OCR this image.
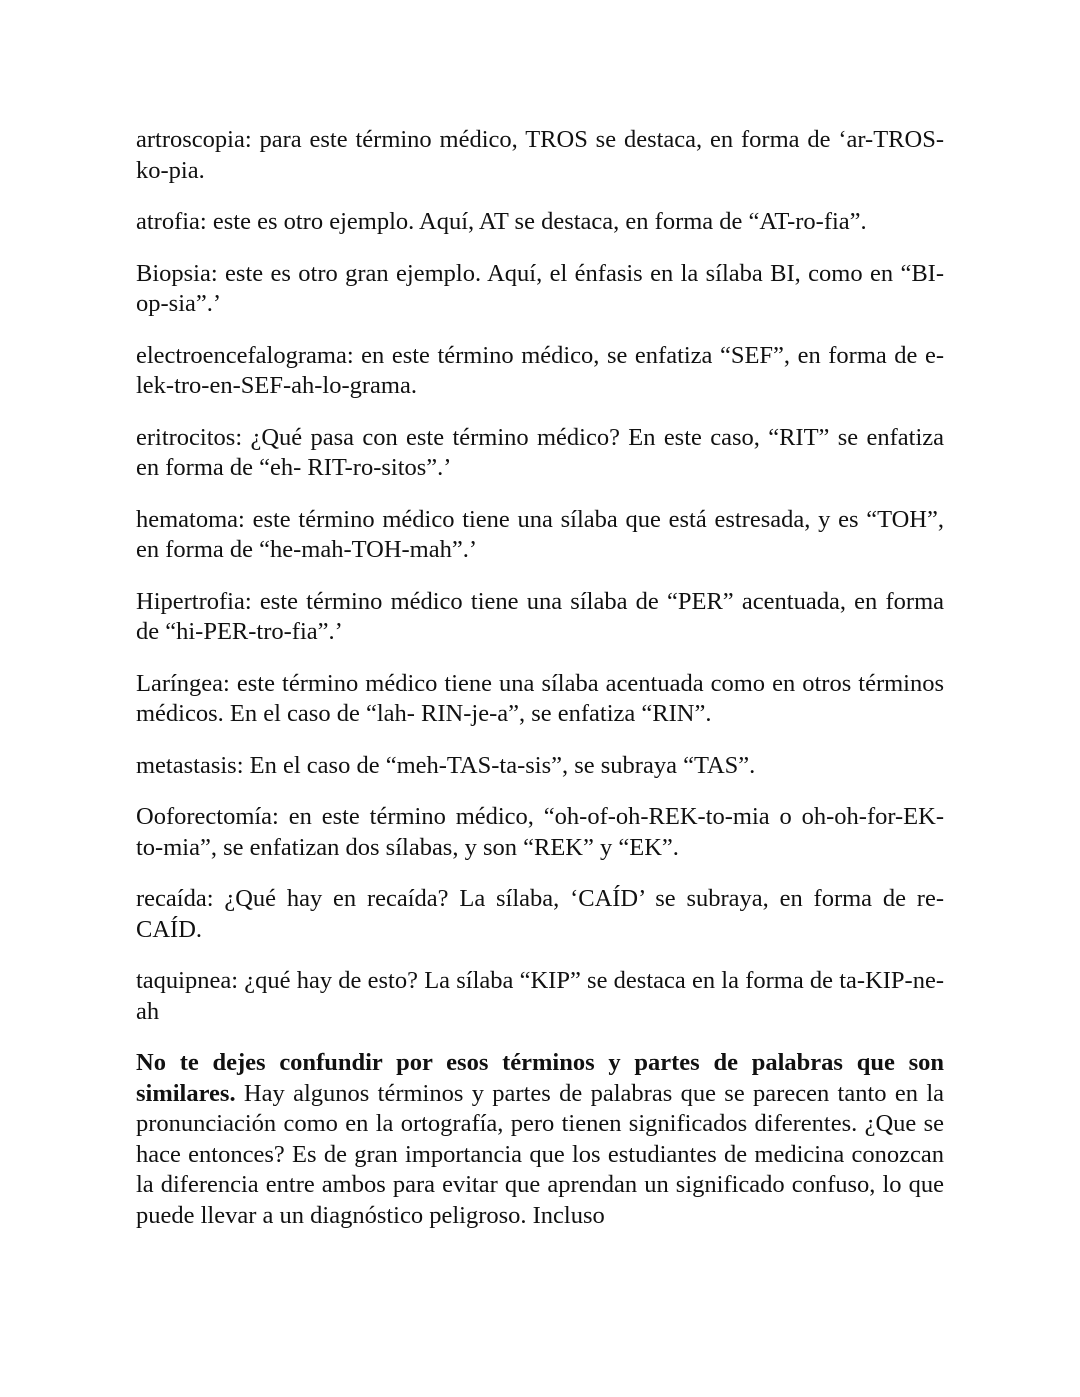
artroscopia: para este término médico, TROS se destaca, en forma de ‘ar-TROS-ko-pia.

atrofia: este es otro ejemplo. Aquí, AT se destaca, en forma de “AT-ro-fia”.

Biopsia: este es otro gran ejemplo. Aquí, el énfasis en la sílaba BI, como en “BI-op-sia”.’

electroencefalograma: en este término médico, se enfatiza “SEF”, en forma de e-lek-tro-en-SEF-ah-lo-grama.

eritrocitos: ¿Qué pasa con este término médico? En este caso, “RIT” se enfatiza en forma de “eh- RIT-ro-sitos”.’

hematoma: este término médico tiene una sílaba que está estresada, y es “TOH”, en forma de “he-mah-TOH-mah”.’

Hipertrofia: este término médico tiene una sílaba de “PER” acentuada, en forma de “hi-PER-tro-fia”.’

Laríngea: este término médico tiene una sílaba acentuada como en otros términos médicos. En el caso de “lah- RIN-je-a”, se enfatiza “RIN”.

metastasis: En el caso de “meh-TAS-ta-sis”, se subraya “TAS”.

Ooforectomía: en este término médico, “oh-of-oh-REK-to-mia o oh-oh-for-EK-to-mia”, se enfatizan dos sílabas, y son “REK” y “EK”.

recaída: ¿Qué hay en recaída? La sílaba, ‘CAÍD’ se subraya, en forma de re-CAÍD.

taquipnea: ¿qué hay de esto? La sílaba “KIP” se destaca en la forma de ta-KIP-ne-ah

No te dejes confundir por esos términos y partes de palabras que son similares. Hay algunos términos y partes de palabras que se parecen tanto en la pronunciación como en la ortografía, pero tienen significados diferentes. ¿Que se hace entonces? Es de gran importancia que los estudiantes de medicina conozcan la diferencia entre ambos para evitar que aprendan un significado confuso, lo que puede llevar a un diagnóstico peligroso. Incluso
